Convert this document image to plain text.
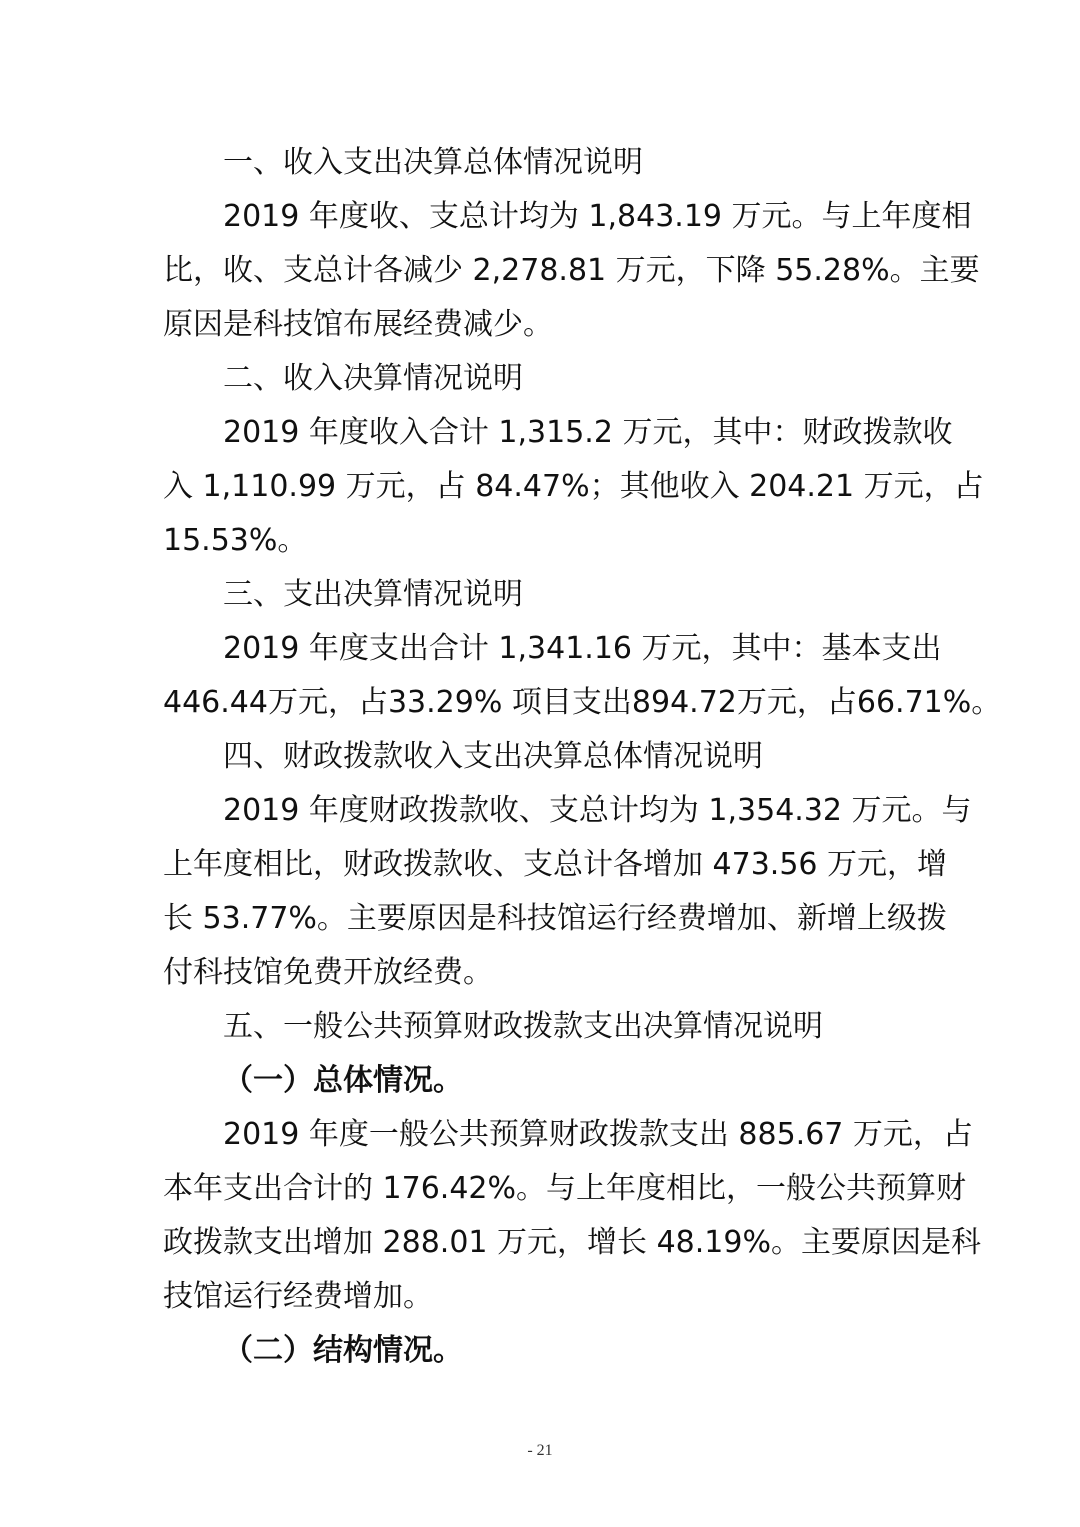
一、收入支出决算总体情况说明
2019 年度收、支总计均为 1,843.19 万元。与上年度相
比，收、支总计各减少 2,278.81 万元，下降 55.28%。主要
原因是科技馆布展经费减少。
二、收入决算情况说明
2019 年度收入合计 1,315.2 万元，其中：财政拨款收
入 1,110.99 万元，占 84.47%；其他收入 204.21 万元，占
15.53%。
三、支出决算情况说明
2019 年度支出合计 1,341.16 万元，其中：基本支出
446.44万元，占33.29% 项目支出894.72万元，占66.71%。
四、财政拨款收入支出决算总体情况说明
2019 年度财政拨款收、支总计均为 1,354.32 万元。与
上年度相比，财政拨款收、支总计各增加 473.56 万元，增
长 53.77%。主要原因是科技馆运行经费增加、新增上级拨
付科技馆免费开放经费。
五、一般公共预算财政拨款支出决算情况说明
（一）总体情况。
2019 年度一般公共预算财政拨款支出 885.67 万元，占
本年支出合计的 176.42%。与上年度相比，一般公共预算财
政拨款支出增加 288.01 万元，增长 48.19%。主要原因是科
技馆运行经费增加。
（二）结构情况。
- 21
